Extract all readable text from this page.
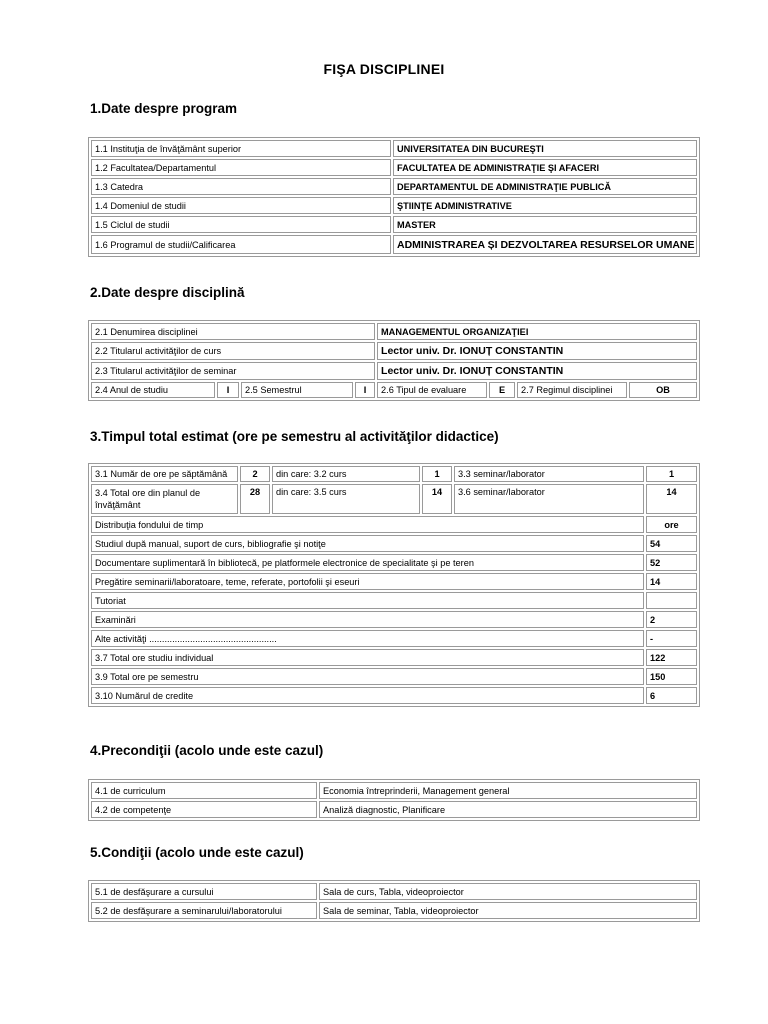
FIŞA DISCIPLINEI
1.Date despre program
1.1 Instituţia de învăţământ superior	UNIVERSITATEA DIN BUCUREŞTI
1.2 Facultatea/Departamentul	FACULTATEA DE ADMINISTRAŢIE ŞI AFACERI
1.3 Catedra	DEPARTAMENTUL DE ADMINISTRAŢIE PUBLICĂ
1.4 Domeniul de studii	ŞTIINŢE ADMINISTRATIVE
1.5 Ciclul de studii	MASTER
1.6 Programul de studii/Calificarea	ADMINISTRAREA ȘI DEZVOLTAREA RESURSELOR UMANE
2.Date despre disciplină
2.1 Denumirea disciplinei				MANAGEMENTUL ORGANIZAŢIEI			
2.2 Titularul activităţilor de curs				Lector univ. Dr. IONUȚ CONSTANTIN			
2.3 Titularul activităţilor de seminar				Lector univ. Dr. IONUȚ CONSTANTIN			
2.4 Anul de studiu	I	2.5 Semestrul	I	2.6 Tipul de evaluare	E	2.7 Regimul disciplinei	OB
3.Timpul total estimat (ore pe semestru al activităţilor didactice)
3.1 Număr de ore pe săptămână	2	din care: 3.2 curs	1	3.3 seminar/laborator	1
3.4 Total ore din planul de învăţământ	28	din care: 3.5 curs	14	3.6 seminar/laborator	14
Distribuţia fondului de timp					ore
Studiul după manual, suport de curs, bibliografie şi notiţe					54
Documentare suplimentară în bibliotecă, pe platformele electronice de specialitate şi pe teren					52
Pregătire seminarii/laboratoare, teme, referate, portofolii şi eseuri					14
Tutoriat					
Examinări					2
Alte activităţi ..................................................					-
3.7 Total ore studiu individual					122
3.9 Total ore pe semestru					150
3.10 Numărul de credite					6
4.Precondiţii (acolo unde este cazul)
4.1 de curriculum	Economia întreprinderii, Management general
4.2 de competenţe	Analiză diagnostic, Planificare
5.Condiţii (acolo unde este cazul)
5.1 de desfăşurare a cursului	Sala de curs, Tabla, videoproiector
5.2 de desfăşurare a seminarului/laboratorului	Sala de seminar, Tabla, videoproiector
